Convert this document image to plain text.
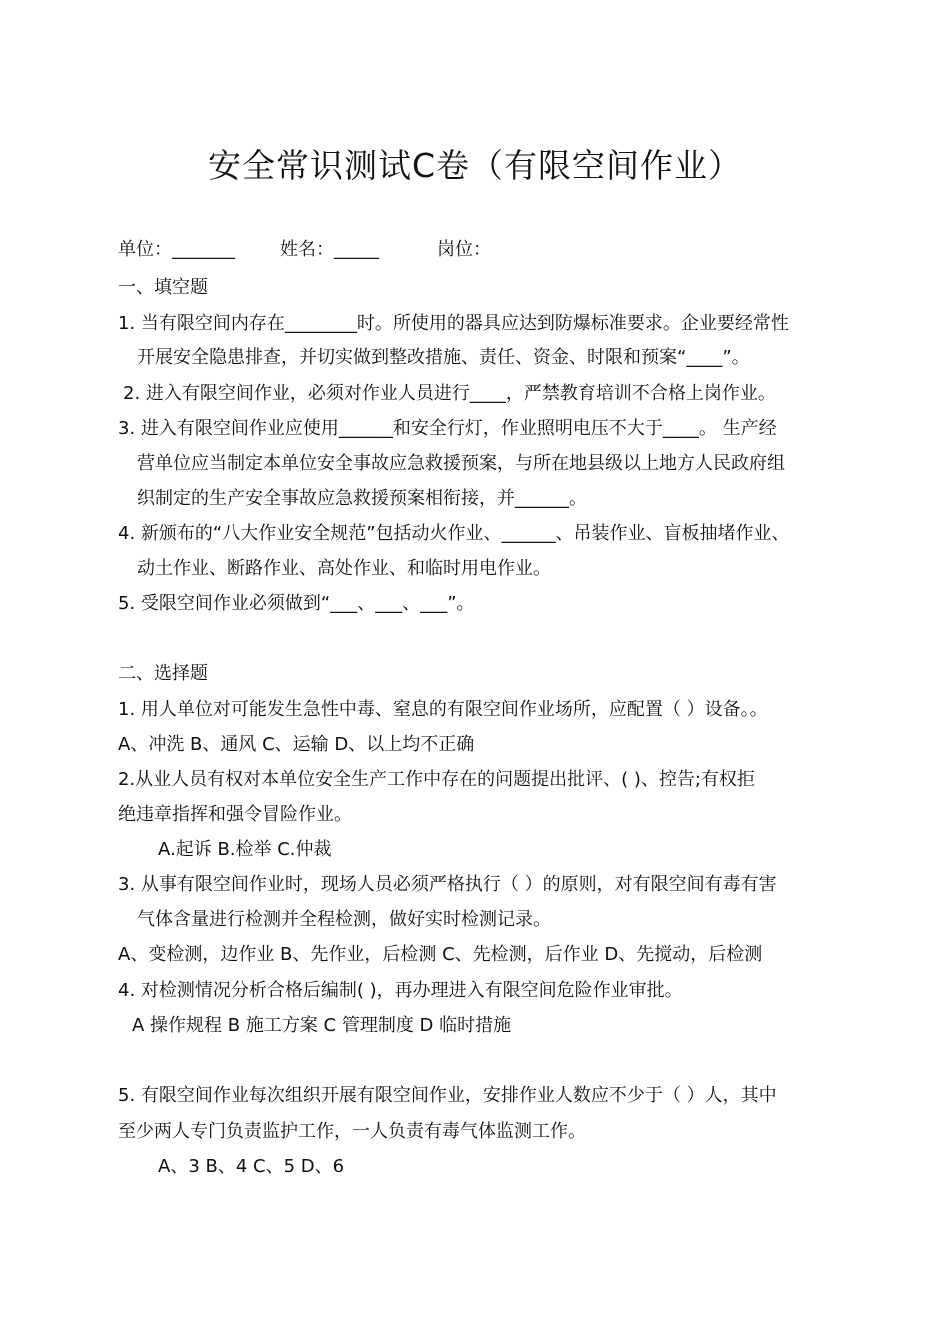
安全常识测试C卷（有限空间作业）
单位：_______	姓名：_____	岗位：
一、填空题
1. 当有限空间内存在________时。所使用的器具应达到防爆标准要求。企业要经常性
开展安全隐患排查，并切实做到整改措施、责任、资金、时限和预案“____”。
2. 进入有限空间作业，必须对作业人员进行____，严禁教育培训不合格上岗作业。
3. 进入有限空间作业应使用______和安全行灯，作业照明电压不大于____。 生产经
营单位应当制定本单位安全事故应急救援预案，与所在地县级以上地方人民政府组
织制定的生产安全事故应急救援预案相衔接，并______。
4. 新颁布的“八大作业安全规范”包括动火作业、______、吊装作业、盲板抽堵作业、
动土作业、断路作业、高处作业、和临时用电作业。
5. 受限空间作业必须做到“___、___、___”。
二、选择题
1. 用人单位对可能发生急性中毒、窒息的有限空间作业场所，应配置（ ）设备。。
A、冲洗 B、通风 C、运输 D、以上均不正确
2.从业人员有权对本单位安全生产工作中存在的问题提出批评、( )、控告;有权拒
绝违章指挥和强令冒险作业。
A.起诉 B.检举 C.仲裁
3. 从事有限空间作业时，现场人员必须严格执行（ ）的原则，对有限空间有毒有害
气体含量进行检测并全程检测，做好实时检测记录。
A、变检测，边作业 B、先作业，后检测 C、先检测，后作业 D、先搅动，后检测
4. 对检测情况分析合格后编制( )，再办理进入有限空间危险作业审批。
A 操作规程 B 施工方案 C 管理制度 D 临时措施
5. 有限空间作业每次组织开展有限空间作业，安排作业人数应不少于（ ）人，其中
至少两人专门负责监护工作，一人负责有毒气体监测工作。
A、3 B、4 C、5 D、6
